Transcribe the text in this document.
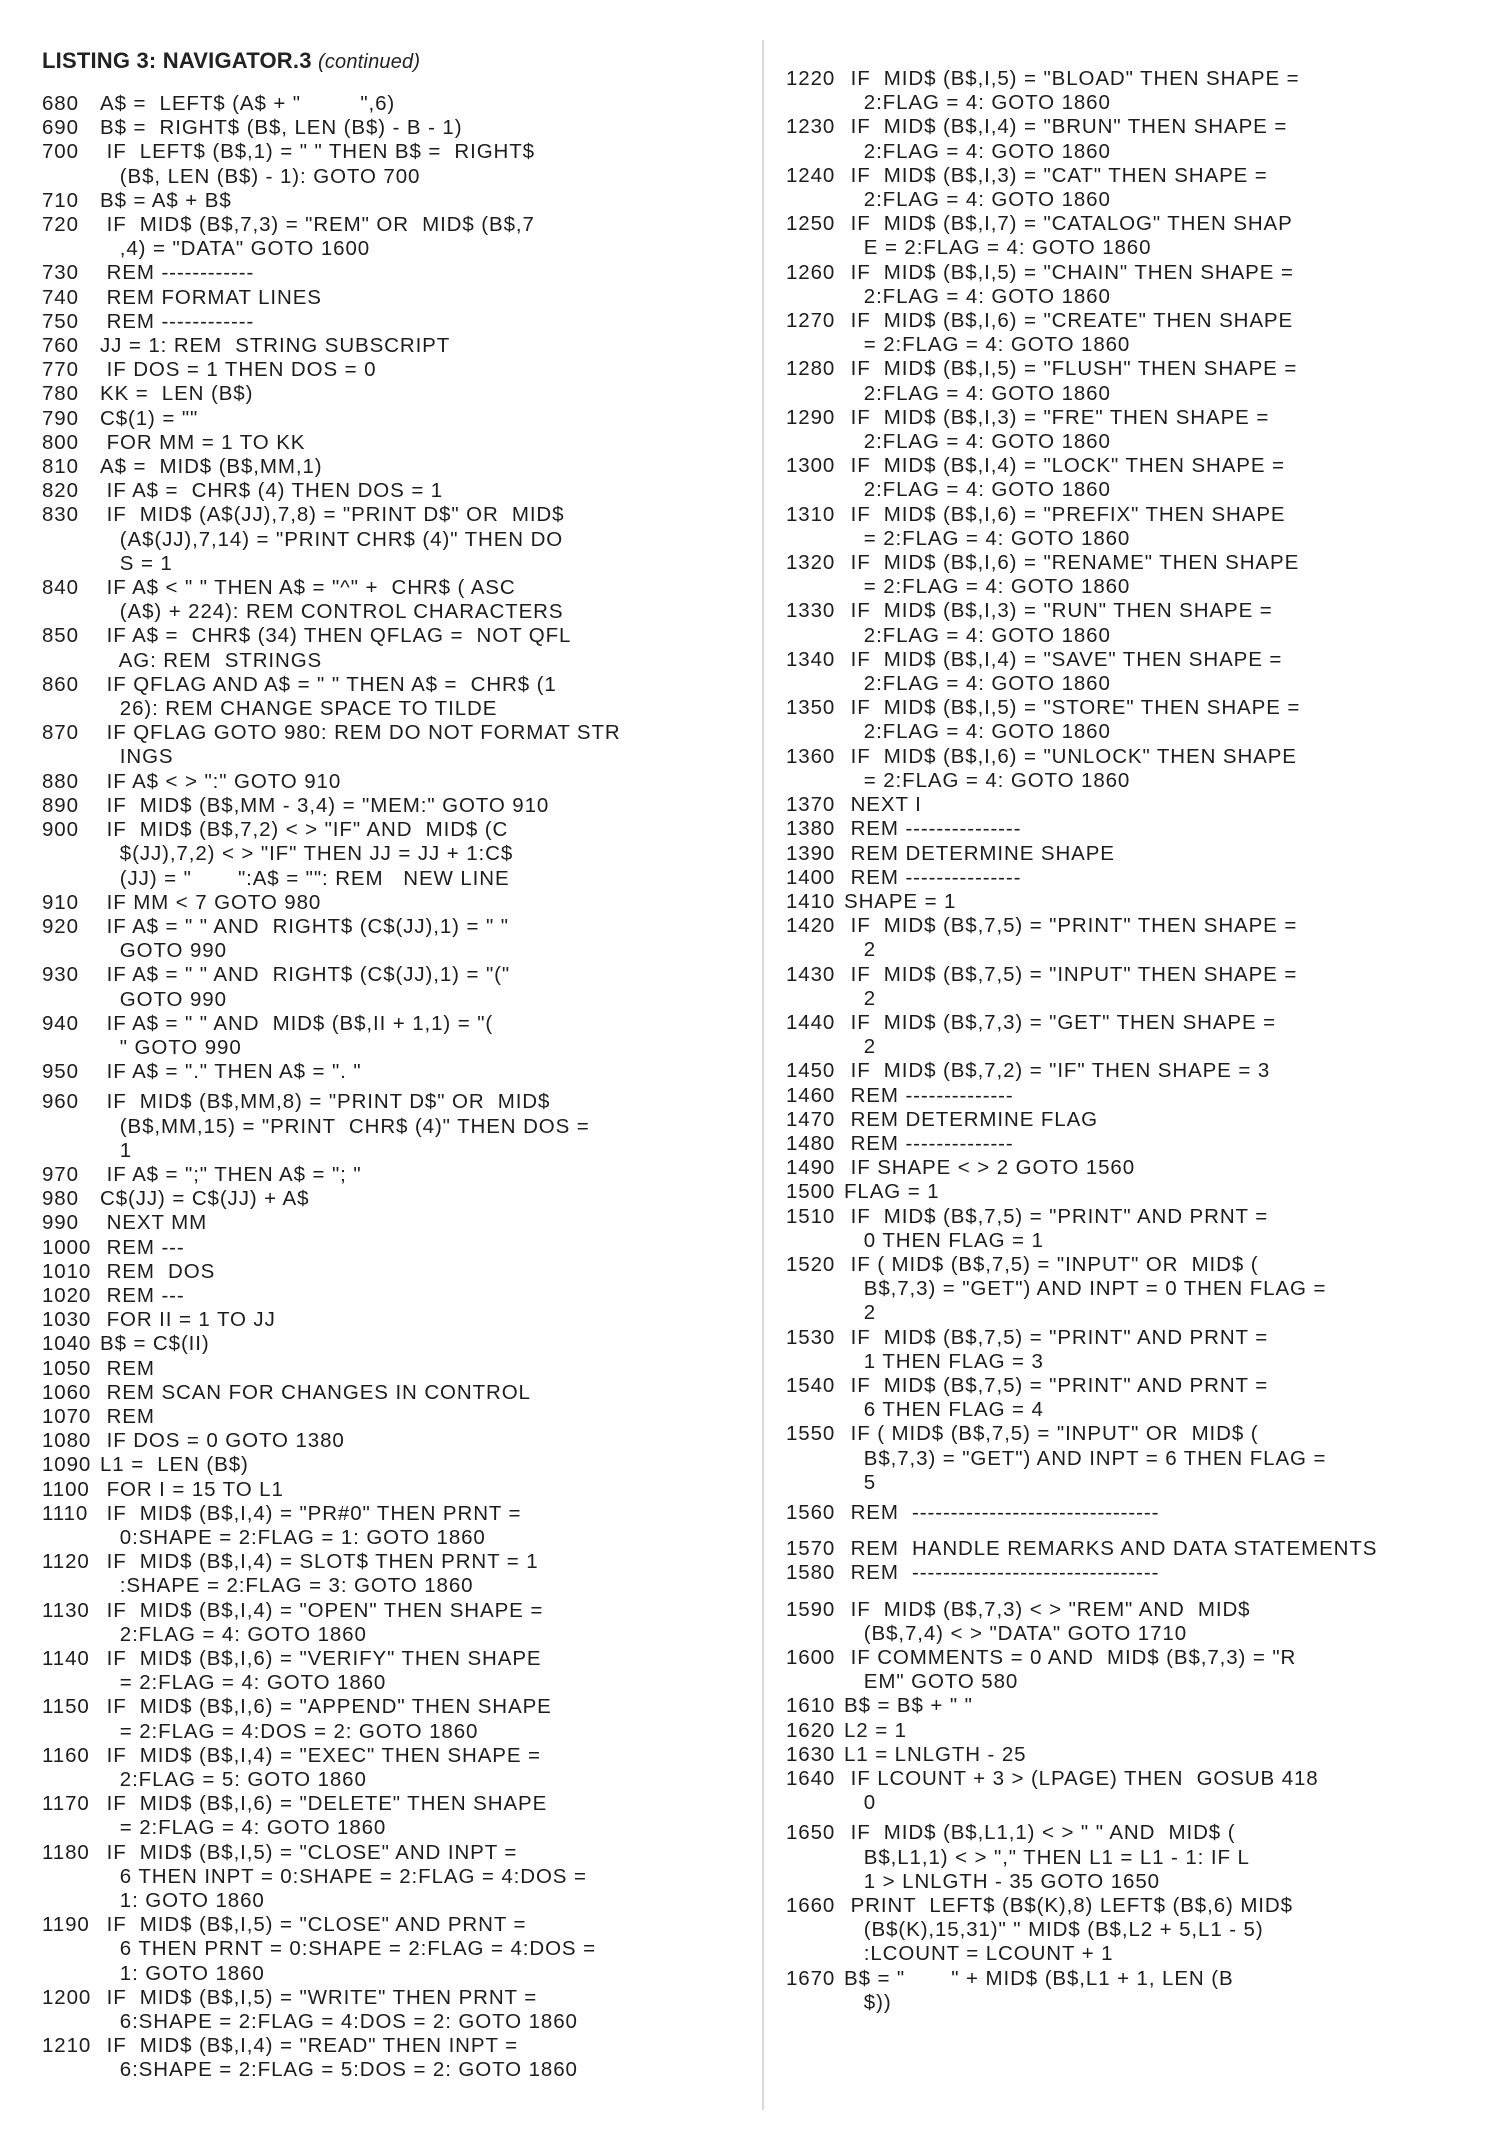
LISTING 3: NAVIGATOR.3 (continued)
680 A$ =  LEFT$ (A$ + "         ",6)
690 B$ =  RIGHT$ (B$, LEN (B$) - B - 1)
700 IF  LEFT$ (B$,1) = " " THEN B$ =  RIGHT$
(B$, LEN (B$) - 1): GOTO 700
710 B$ = A$ + B$
720 IF  MID$ (B$,7,3) = "REM" OR  MID$ (B$,7
,4) = "DATA" GOTO 1600
730 REM ------------
740 REM FORMAT LINES
750 REM ------------
760 JJ = 1: REM  STRING SUBSCRIPT
770 IF DOS = 1 THEN DOS = 0
780 KK =  LEN (B$)
790 C$(1) = ""
800 FOR MM = 1 TO KK
810 A$ =  MID$ (B$,MM,1)
820 IF A$ =  CHR$ (4) THEN DOS = 1
830 IF  MID$ (A$(JJ),7,8) = "PRINT D$" OR  MID$
(A$(JJ),7,14) = "PRINT CHR$ (4)" THEN DO
S = 1
840 IF A$ < " " THEN A$ = "^" +  CHR$ ( ASC
(A$) + 224): REM CONTROL CHARACTERS
850 IF A$ =  CHR$ (34) THEN QFLAG =  NOT QFL
AG: REM  STRINGS
860 IF QFLAG AND A$ = " " THEN A$ =  CHR$ (1
26): REM CHANGE SPACE TO TILDE
870 IF QFLAG GOTO 980: REM DO NOT FORMAT STR
INGS
880 IF A$ < > ":" GOTO 910
890 IF  MID$ (B$,MM - 3,4) = "MEM:" GOTO 910
900 IF  MID$ (B$,7,2) < > "IF" AND  MID$ (C
$(JJ),7,2) < > "IF" THEN JJ = JJ + 1:C$
(JJ) = "       ":A$ = "": REM   NEW LINE
910 IF MM < 7 GOTO 980
920 IF A$ = " " AND  RIGHT$ (C$(JJ),1) = " "
GOTO 990
930 IF A$ = " " AND  RIGHT$ (C$(JJ),1) = "("
GOTO 990
940 IF A$ = " " AND  MID$ (B$,II + 1,1) = "(
" GOTO 990
950 IF A$ = "." THEN A$ = ". "
960 IF  MID$ (B$,MM,8) = "PRINT D$" OR  MID$
(B$,MM,15) = "PRINT  CHR$ (4)" THEN DOS =
1
970 IF A$ = ";" THEN A$ = "; "
980 C$(JJ) = C$(JJ) + A$
990 NEXT MM
1000 REM ---
1010 REM  DOS
1020 REM ---
1030 FOR II = 1 TO JJ
1040 B$ = C$(II)
1050 REM
1060 REM SCAN FOR CHANGES IN CONTROL
1070 REM
1080 IF DOS = 0 GOTO 1380
1090 L1 =  LEN (B$)
1100 FOR I = 15 TO L1
1110 IF  MID$ (B$,I,4) = "PR#0" THEN PRNT =
0:SHAPE = 2:FLAG = 1: GOTO 1860
1120 IF  MID$ (B$,I,4) = SLOT$ THEN PRNT = 1
:SHAPE = 2:FLAG = 3: GOTO 1860
1130 IF  MID$ (B$,I,4) = "OPEN" THEN SHAPE =
2:FLAG = 4: GOTO 1860
1140 IF  MID$ (B$,I,6) = "VERIFY" THEN SHAPE
= 2:FLAG = 4: GOTO 1860
1150 IF  MID$ (B$,I,6) = "APPEND" THEN SHAPE
= 2:FLAG = 4:DOS = 2: GOTO 1860
1160 IF  MID$ (B$,I,4) = "EXEC" THEN SHAPE =
2:FLAG = 5: GOTO 1860
1170 IF  MID$ (B$,I,6) = "DELETE" THEN SHAPE
= 2:FLAG = 4: GOTO 1860
1180 IF  MID$ (B$,I,5) = "CLOSE" AND INPT =
6 THEN INPT = 0:SHAPE = 2:FLAG = 4:DOS =
1: GOTO 1860
1190 IF  MID$ (B$,I,5) = "CLOSE" AND PRNT =
6 THEN PRNT = 0:SHAPE = 2:FLAG = 4:DOS =
1: GOTO 1860
1200 IF  MID$ (B$,I,5) = "WRITE" THEN PRNT =
6:SHAPE = 2:FLAG = 4:DOS = 2: GOTO 1860
1210 IF  MID$ (B$,I,4) = "READ" THEN INPT =
6:SHAPE = 2:FLAG = 5:DOS = 2: GOTO 1860
1220 IF  MID$ (B$,I,5) = "BLOAD" THEN SHAPE =
2:FLAG = 4: GOTO 1860
1230 IF  MID$ (B$,I,4) = "BRUN" THEN SHAPE =
2:FLAG = 4: GOTO 1860
1240 IF  MID$ (B$,I,3) = "CAT" THEN SHAPE =
2:FLAG = 4: GOTO 1860
1250 IF  MID$ (B$,I,7) = "CATALOG" THEN SHAP
E = 2:FLAG = 4: GOTO 1860
1260 IF  MID$ (B$,I,5) = "CHAIN" THEN SHAPE =
2:FLAG = 4: GOTO 1860
1270 IF  MID$ (B$,I,6) = "CREATE" THEN SHAPE
= 2:FLAG = 4: GOTO 1860
1280 IF  MID$ (B$,I,5) = "FLUSH" THEN SHAPE =
2:FLAG = 4: GOTO 1860
1290 IF  MID$ (B$,I,3) = "FRE" THEN SHAPE =
2:FLAG = 4: GOTO 1860
1300 IF  MID$ (B$,I,4) = "LOCK" THEN SHAPE =
2:FLAG = 4: GOTO 1860
1310 IF  MID$ (B$,I,6) = "PREFIX" THEN SHAPE
= 2:FLAG = 4: GOTO 1860
1320 IF  MID$ (B$,I,6) = "RENAME" THEN SHAPE
= 2:FLAG = 4: GOTO 1860
1330 IF  MID$ (B$,I,3) = "RUN" THEN SHAPE =
2:FLAG = 4: GOTO 1860
1340 IF  MID$ (B$,I,4) = "SAVE" THEN SHAPE =
2:FLAG = 4: GOTO 1860
1350 IF  MID$ (B$,I,5) = "STORE" THEN SHAPE =
2:FLAG = 4: GOTO 1860
1360 IF  MID$ (B$,I,6) = "UNLOCK" THEN SHAPE
= 2:FLAG = 4: GOTO 1860
1370 NEXT I
1380 REM ---------------
1390 REM DETERMINE SHAPE
1400 REM ---------------
1410 SHAPE = 1
1420 IF  MID$ (B$,7,5) = "PRINT" THEN SHAPE =
2
1430 IF  MID$ (B$,7,5) = "INPUT" THEN SHAPE =
2
1440 IF  MID$ (B$,7,3) = "GET" THEN SHAPE =
2
1450 IF  MID$ (B$,7,2) = "IF" THEN SHAPE = 3
1460 REM --------------
1470 REM DETERMINE FLAG
1480 REM --------------
1490 IF SHAPE < > 2 GOTO 1560
1500 FLAG = 1
1510 IF  MID$ (B$,7,5) = "PRINT" AND PRNT =
0 THEN FLAG = 1
1520 IF ( MID$ (B$,7,5) = "INPUT" OR  MID$ (
B$,7,3) = "GET") AND INPT = 0 THEN FLAG =
2
1530 IF  MID$ (B$,7,5) = "PRINT" AND PRNT =
1 THEN FLAG = 3
1540 IF  MID$ (B$,7,5) = "PRINT" AND PRNT =
6 THEN FLAG = 4
1550 IF ( MID$ (B$,7,5) = "INPUT" OR  MID$ (
B$,7,3) = "GET") AND INPT = 6 THEN FLAG =
5
1560 REM  --------------------------------
1570 REM  HANDLE REMARKS AND DATA STATEMENTS
1580 REM  --------------------------------
1590 IF  MID$ (B$,7,3) < > "REM" AND  MID$
(B$,7,4) < > "DATA" GOTO 1710
1600 IF COMMENTS = 0 AND  MID$ (B$,7,3) = "R
EM" GOTO 580
1610 B$ = B$ + " "
1620 L2 = 1
1630 L1 = LNLGTH - 25
1640 IF LCOUNT + 3 > (LPAGE) THEN  GOSUB 418
0
1650 IF  MID$ (B$,L1,1) < > " " AND  MID$ (
B$,L1,1) < > "," THEN L1 = L1 - 1: IF L
1 > LNLGTH - 35 GOTO 1650
1660 PRINT  LEFT$ (B$(K),8) LEFT$ (B$,6) MID$
(B$(K),15,31)" " MID$ (B$,L2 + 5,L1 - 5)
:LCOUNT = LCOUNT + 1
1670 B$ = "       " + MID$ (B$,L1 + 1, LEN (B
$))
